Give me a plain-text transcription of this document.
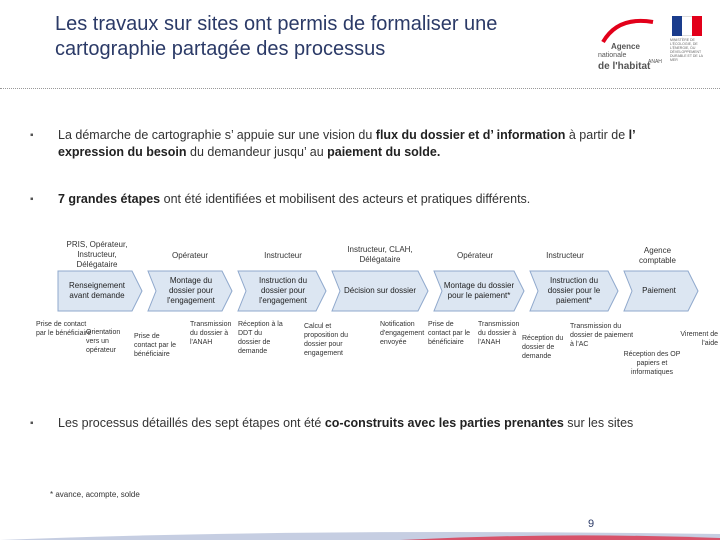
Les travaux sur sites ont permis de formaliser une cartographie partagée des processus	Agence
nationale
de l'habitat
ANAH
MINISTÈRE DE L'ÉCOLOGIE, DE L'ÉNERGIE, DU DÉVELOPPEMENT DURABLE ET DE LA MER
▪ La démarche de cartographie s’ appuie sur une vision du flux du dossier et d’ information à partir de l’ expression du besoin du demandeur jusqu’ au paiement du solde.
▪ 7 grandes étapes ont été identifiées et mobilisent des acteurs et pratiques différents.
PRIS, Opérateur, Instructeur, Délégataire
Opérateur	Instructeur
Instructeur, CLAH, Délégataire	Opérateur	Instructeur
Agence comptable
Renseignement avant demande
Montage du dossier pour l'engagement
Instruction du dossier pour l'engagement
Décision sur dossier
Montage du dossier pour le paiement*
Instruction du dossier pour le paiement*
Paiement
Prise de contact par le bénéficiaire
Orientation vers un opérateur
Prise de contact par le bénéficiaire
Transmission du dossier à l'ANAH
Réception à la DDT du dossier de demande
Calcul et proposition du dossier pour engagement
Notification d'engagement envoyée
Prise de contact par le bénéficiaire
Transmission du dossier à l'ANAH
Réception du dossier de demande
Transmission du dossier de paiement à l'AC
Virement de l'aide
Réception des OP papiers et informatiques
▪ Les processus détaillés des sept étapes ont été co-construits avec les parties prenantes sur les sites
* avance, acompte, solde
9
